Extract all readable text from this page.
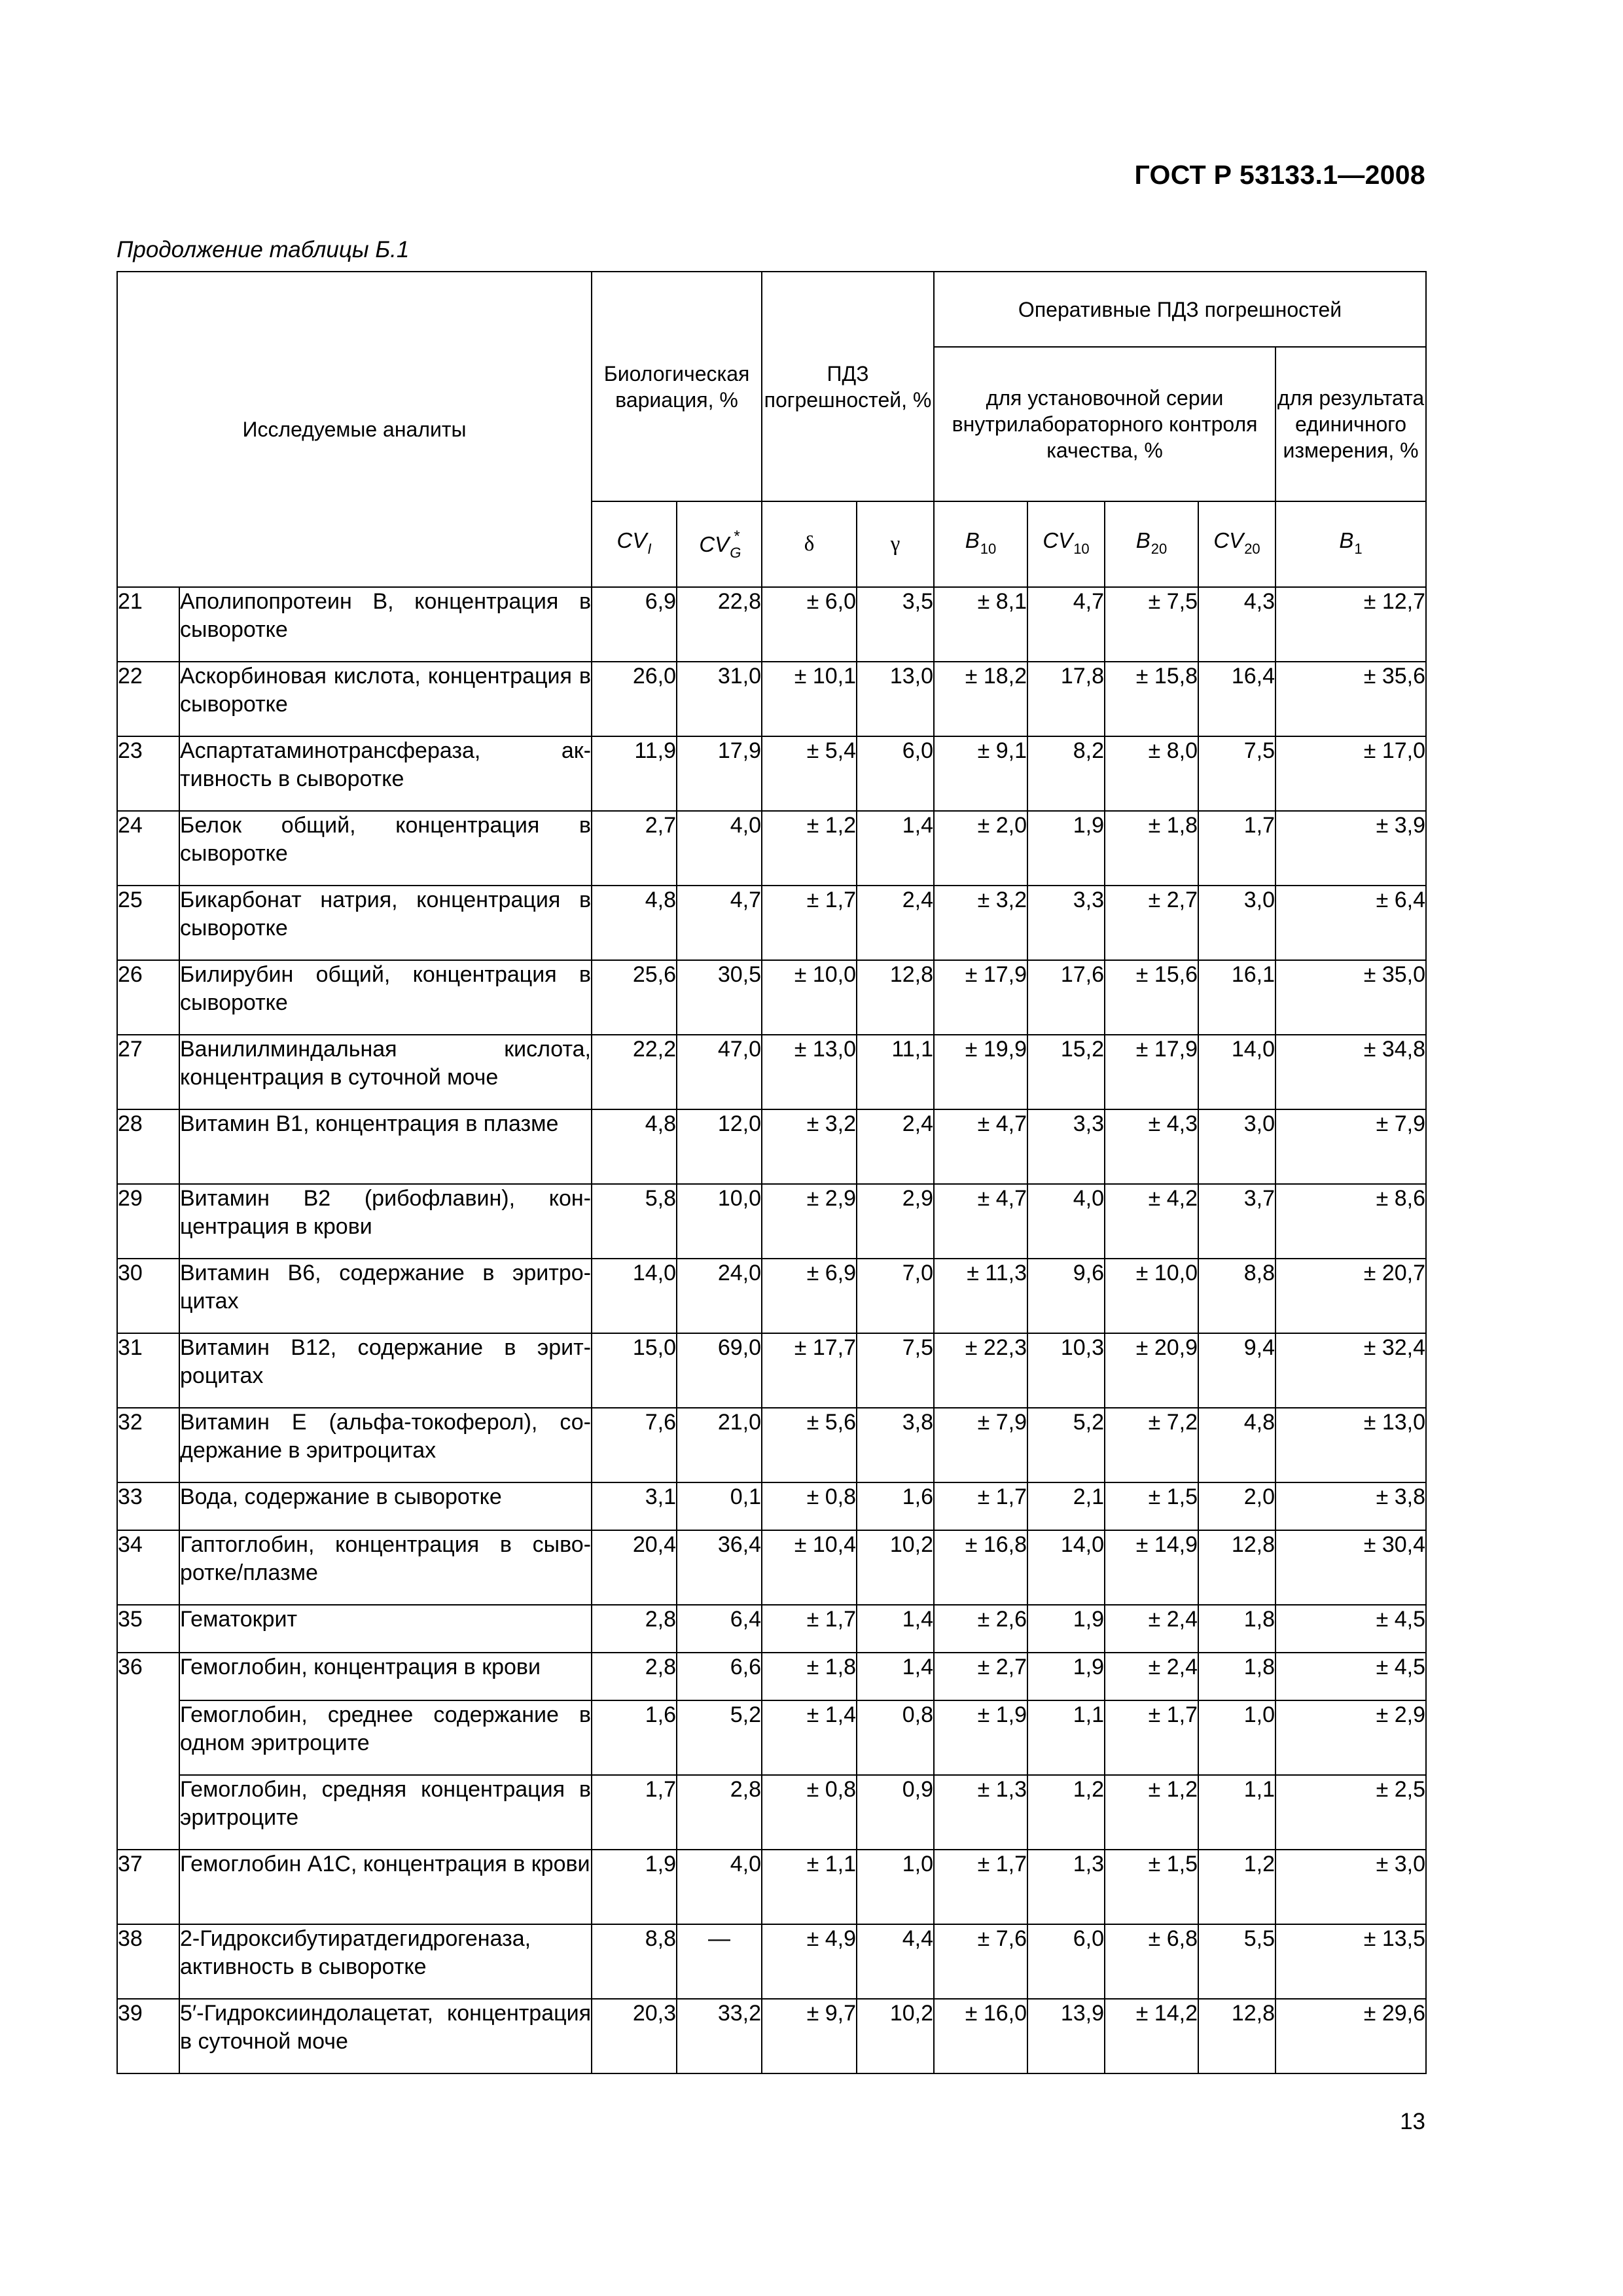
ГОСТ Р 53133.1—2008
Продолжение таблицы Б.1
Исследуемые аналиты		Биологическая вариация, %		ПДЗ погрешностей, %		Оперативные ПДЗ погрешностей				
						для установочной серии внутрилабораторного контроля качества, %				для результата единичного измерения, %
		$CV_I$	$CV_G^*$	δ	γ	$B_{10}$	$CV_{10}$	$B_{20}$	$CV_{20}$	$B_1$
21	Аполипопротеин B, концентрация в сыворотке	6,9	22,8	± 6,0	3,5	± 8,1	4,7	± 7,5	4,3	± 12,7
22	Аскорбиновая кислота, концентрация в сыворотке	26,0	31,0	± 10,1	13,0	± 18,2	17,8	± 15,8	16,4	± 35,6
23	Аспартатаминотрансфераза, активность в сыворотке	11,9	17,9	± 5,4	6,0	± 9,1	8,2	± 8,0	7,5	± 17,0
24	Белок общий, концентрация в сыворотке	2,7	4,0	± 1,2	1,4	± 2,0	1,9	± 1,8	1,7	± 3,9
25	Бикарбонат натрия, концентрация в сыворотке	4,8	4,7	± 1,7	2,4	± 3,2	3,3	± 2,7	3,0	± 6,4
26	Билирубин общий, концентрация в сыворотке	25,6	30,5	± 10,0	12,8	± 17,9	17,6	± 15,6	16,1	± 35,0
27	Ванилилминдальная кислота, концентрация в суточной моче	22,2	47,0	± 13,0	11,1	± 19,9	15,2	± 17,9	14,0	± 34,8
28	Витамин B1, концентрация в плазме	4,8	12,0	± 3,2	2,4	± 4,7	3,3	± 4,3	3,0	± 7,9
29	Витамин B2 (рибофлавин), концентрация в крови	5,8	10,0	± 2,9	2,9	± 4,7	4,0	± 4,2	3,7	± 8,6
30	Витамин B6, содержание в эритроцитах	14,0	24,0	± 6,9	7,0	± 11,3	9,6	± 10,0	8,8	± 20,7
31	Витамин B12, содержание в эритроцитах	15,0	69,0	± 17,7	7,5	± 22,3	10,3	± 20,9	9,4	± 32,4
32	Витамин E (альфа-токоферол), содержание в эритроцитах	7,6	21,0	± 5,6	3,8	± 7,9	5,2	± 7,2	4,8	± 13,0
33	Вода, содержание в сыворотке	3,1	0,1	± 0,8	1,6	± 1,7	2,1	± 1,5	2,0	± 3,8
34	Гаптоглобин, концентрация в сыворотке/плазме	20,4	36,4	± 10,4	10,2	± 16,8	14,0	± 14,9	12,8	± 30,4
35	Гематокрит	2,8	6,4	± 1,7	1,4	± 2,6	1,9	± 2,4	1,8	± 4,5
36	Гемоглобин, концентрация в крови	2,8	6,6	± 1,8	1,4	± 2,7	1,9	± 2,4	1,8	± 4,5
	Гемоглобин, среднее содержание в одном эритроците	1,6	5,2	± 1,4	0,8	± 1,9	1,1	± 1,7	1,0	± 2,9
	Гемоглобин, средняя концентрация в эритроците	1,7	2,8	± 0,8	0,9	± 1,3	1,2	± 1,2	1,1	± 2,5
37	Гемоглобин A1C, концентрация в крови	1,9	4,0	± 1,1	1,0	± 1,7	1,3	± 1,5	1,2	± 3,0
38	2-Гидроксибутиратдегидрогеназа, активность в сыворотке	8,8	—	± 4,9	4,4	± 7,6	6,0	± 6,8	5,5	± 13,5
39	5′-Гидроксииндолацетат, концентрация в суточной моче	20,3	33,2	± 9,7	10,2	± 16,0	13,9	± 14,2	12,8	± 29,6
13
